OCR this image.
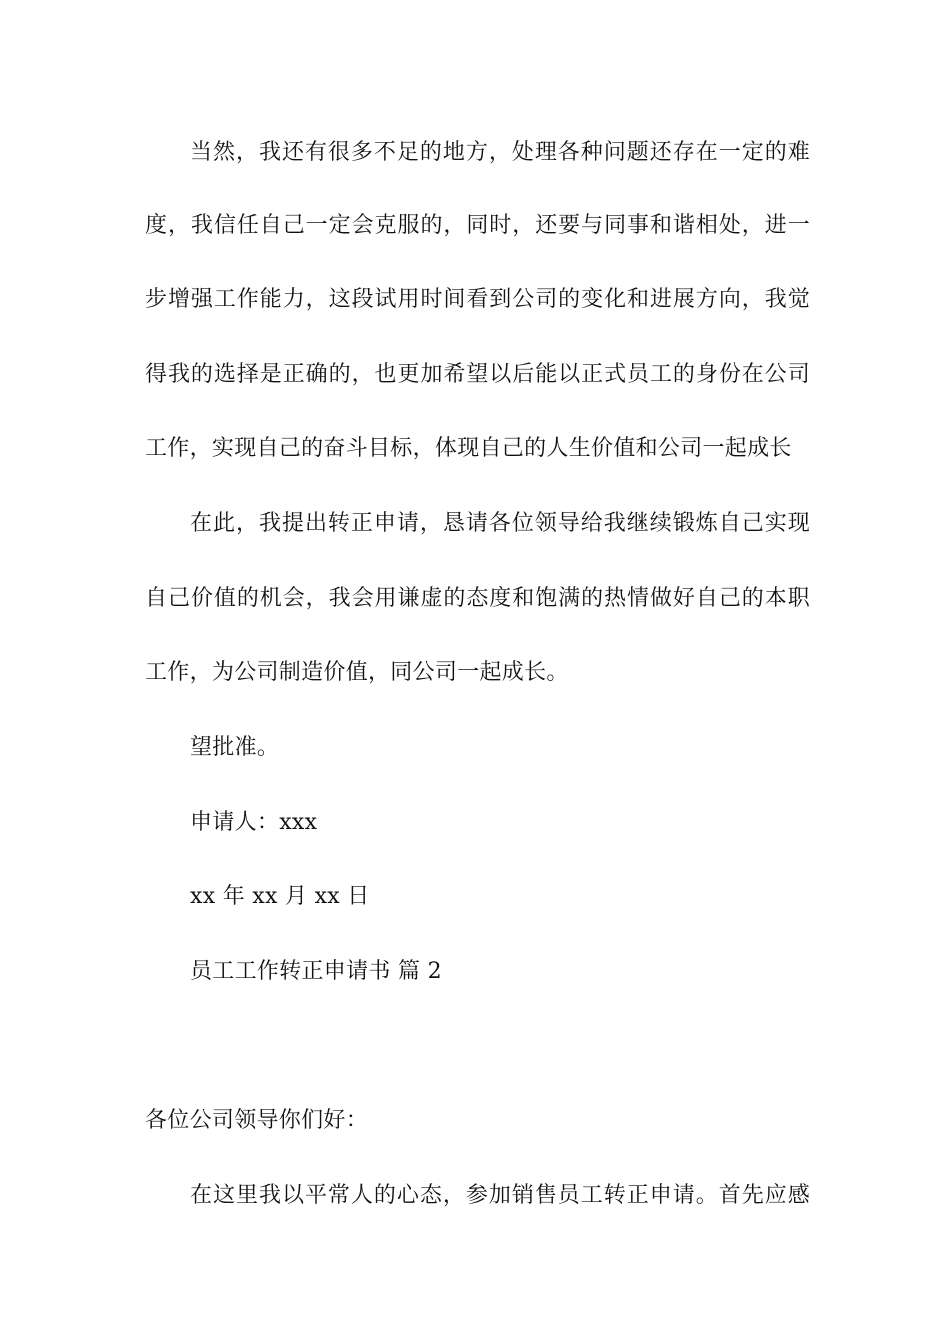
当然，我还有很多不足的地方，处理各种问题还存在一定的难
度，我信任自己一定会克服的，同时，还要与同事和谐相处，进一
步增强工作能力，这段试用时间看到公司的变化和进展方向，我觉
得我的选择是正确的，也更加希望以后能以正式员工的身份在公司
工作，实现自己的奋斗目标，体现自己的人生价值和公司一起成长
在此，我提出转正申请，恳请各位领导给我继续锻炼自己实现
自己价值的机会，我会用谦虚的态度和饱满的热情做好自己的本职
工作，为公司制造价值，同公司一起成长。
望批准。
申请人：xxx
xx 年 xx 月 xx 日
员工工作转正申请书 篇 2
各位公司领导你们好：
在这里我以平常人的心态，参加销售员工转正申请。首先应感
